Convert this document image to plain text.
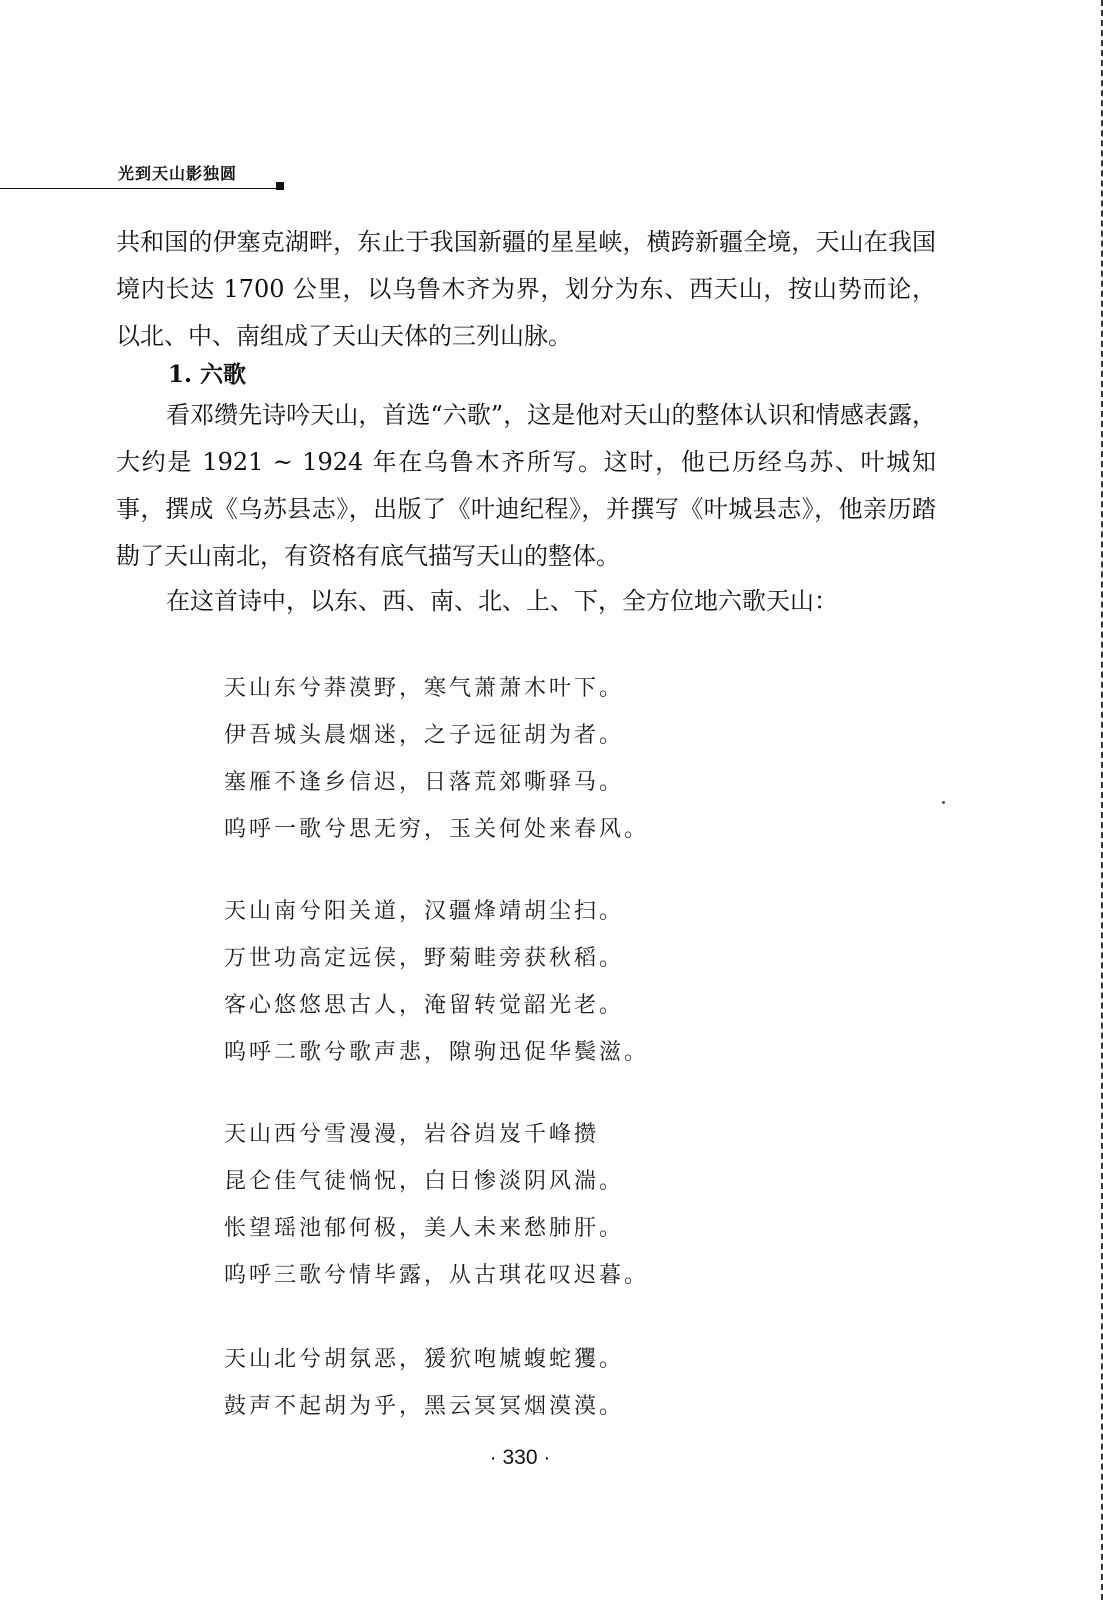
光到天山影独圆

共和国的伊塞克湖畔，东止于我国新疆的星星峡，横跨新疆全境，天山在我国境内长达 1700 公里，以乌鲁木齐为界，划分为东、西天山，按山势而论，以北、中、南组成了天山天体的三列山脉。

1. 六歌

看邓缵先诗吟天山，首选“六歌”，这是他对天山的整体认识和情感表露，大约是 1921 ~ 1924 年在乌鲁木齐所写。这时，他已历经乌苏、叶城知事，撰成《乌苏县志》，出版了《叶迪纪程》，并撰写《叶城县志》，他亲历踏勘了天山南北，有资格有底气描写天山的整体。

在这首诗中，以东、西、南、北、上、下，全方位地六歌天山：

天山东兮莽漠野，寒气萧萧木叶下。
伊吾城头晨烟迷，之子远征胡为者。
塞雁不逢乡信迟，日落荒郊嘶驿马。
呜呼一歌兮思无穷，玉关何处来春风。
天山南兮阳关道，汉疆烽靖胡尘扫。
万世功高定远侯，野菊畦旁获秋稻。
客心悠悠思古人，淹留转觉韶光老。
呜呼二歌兮歌声悲，隙驹迅促华鬓滋。
天山西兮雪漫漫，岩谷岿岌千峰攒
昆仑佳气徒惝怳，白日惨淡阴风湍。
怅望瑶池郁何极，美人未来愁肺肝。
呜呼三歌兮情毕露，从古琪花叹迟暮。
天山北兮胡氛恶，猨狖咆虓蝮蛇玃。
鼓声不起胡为乎，黑云冥冥烟漠漠。
· 330 ·
